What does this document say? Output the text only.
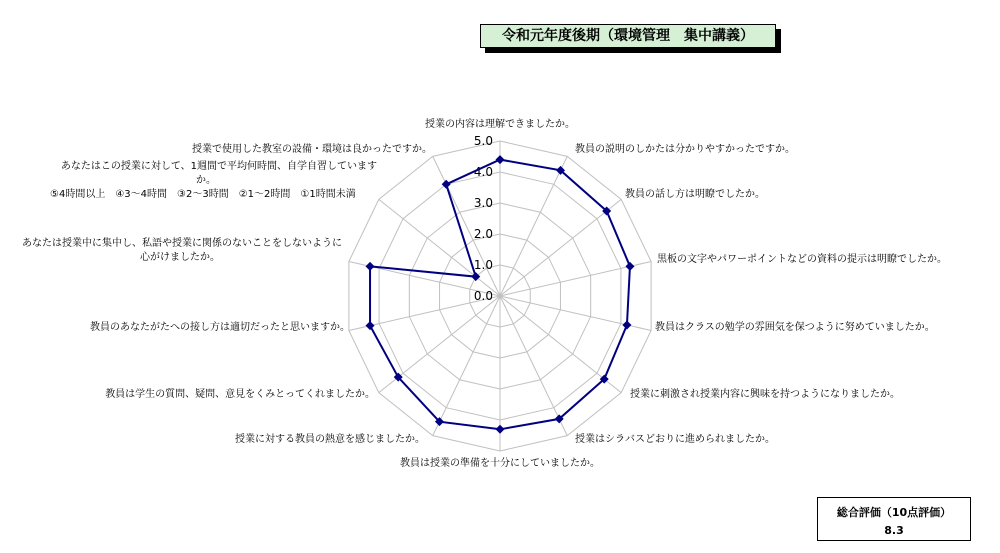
令和元年度後期（環境管理　集中講義）
0.0
1.0
2.0
3.0
4.0
5.0
授業の内容は理解できましたか。
教員の説明のしかたは分かりやすかったですか。
教員の話し方は明瞭でしたか。
黒板の文字やパワーポイントなどの資料の提示は明瞭でしたか。
教員はクラスの勉学の雰囲気を保つように努めていましたか。
授業に刺激され授業内容に興味を持つようになりましたか。
授業はシラバスどおりに進められましたか。
教員は授業の準備を十分にしていましたか。
授業に対する教員の熱意を感じましたか。
教員は学生の質問、疑問、意見をくみとってくれましたか。
教員のあなたがたへの接し方は適切だったと思いますか。
あなたは授業中に集中し、私語や授業に関係のないことをしないように
心がけましたか。
あなたはこの授業に対して、1週間で平均何時間、自学自習しています
か。
⑤4時間以上　④3～4時間　③2～3時間　②1～2時間　①1時間未満
授業で使用した教室の設備・環境は良かったですか。
総合評価（10点評価）
8.3
